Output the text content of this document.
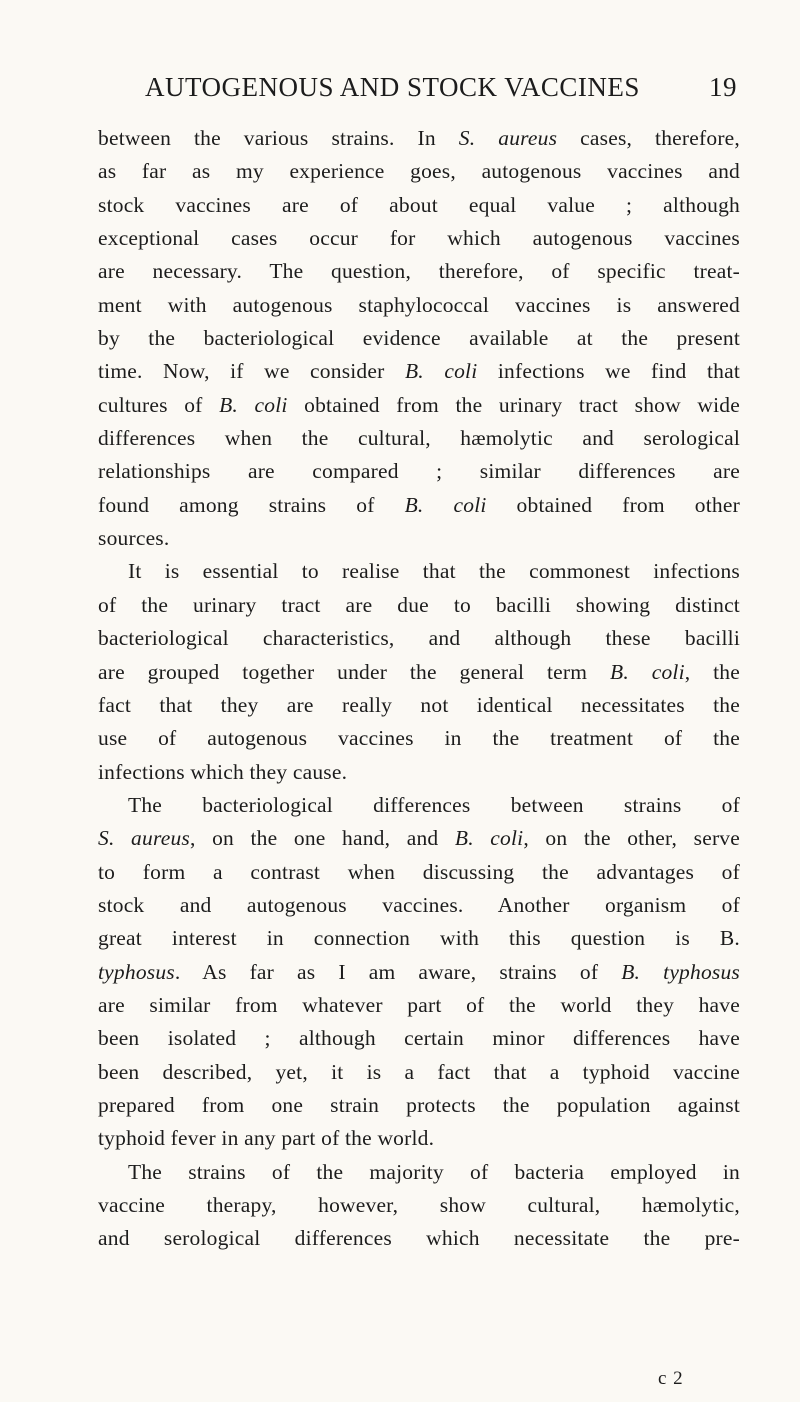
AUTOGENOUS AND STOCK VACCINES	19
between the various strains. In S. aureus cases, therefore,
as far as my experience goes, autogenous vaccines and
stock vaccines are of about equal value ; although
exceptional cases occur for which autogenous vaccines
are necessary. The question, therefore, of specific treat-
ment with autogenous staphylococcal vaccines is answered
by the bacteriological evidence available at the present
time. Now, if we consider B. coli infections we find that
cultures of B. coli obtained from the urinary tract show wide
differences when the cultural, hæmolytic and serological
relationships are compared ; similar differences are
found among strains of B. coli obtained from other
sources.
It is essential to realise that the commonest infections
of the urinary tract are due to bacilli showing distinct
bacteriological characteristics, and although these bacilli
are grouped together under the general term B. coli, the
fact that they are really not identical necessitates the
use of autogenous vaccines in the treatment of the
infections which they cause.
The bacteriological differences between strains of
S. aureus, on the one hand, and B. coli, on the other, serve
to form a contrast when discussing the advantages of
stock and autogenous vaccines. Another organism of
great interest in connection with this question is B.
typhosus. As far as I am aware, strains of B. typhosus
are similar from whatever part of the world they have
been isolated ; although certain minor differences have
been described, yet, it is a fact that a typhoid vaccine
prepared from one strain protects the population against
typhoid fever in any part of the world.
The strains of the majority of bacteria employed in
vaccine therapy, however, show cultural, hæmolytic,
and serological differences which necessitate the pre-
c 2
